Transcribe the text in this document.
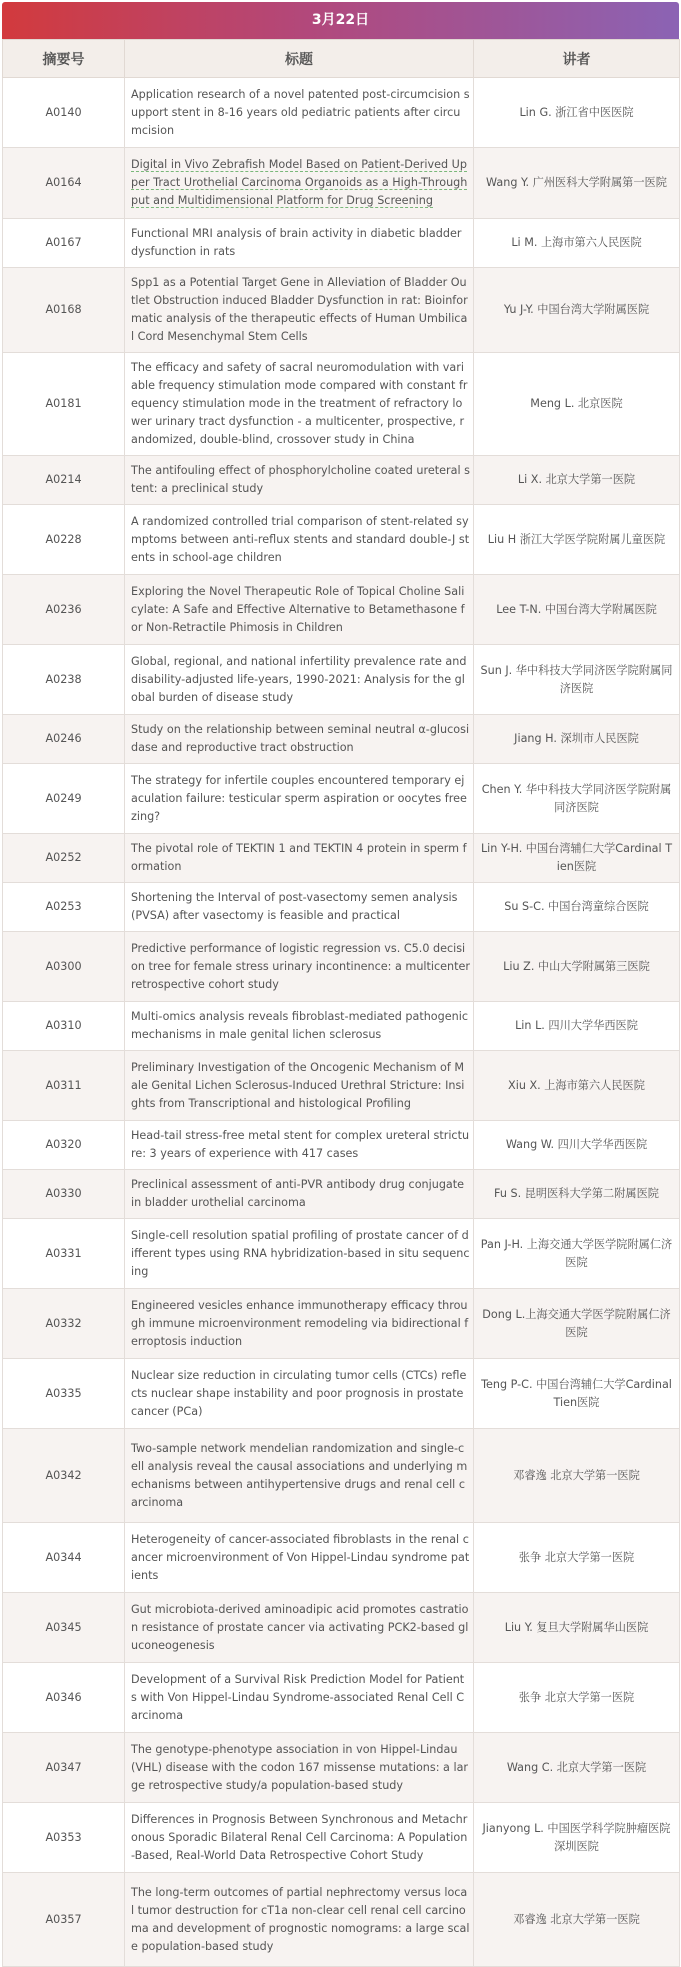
3月22日
摘要号	标题	讲者
A0140	Application research of a novel patented post-circumcision support stent in 8-16 years old pediatric patients after circumcision	Lin G. 浙江省中医医院
A0164	Digital in Vivo Zebrafish Model Based on Patient-Derived Upper Tract Urothelial Carcinoma Organoids as a High-Throughput and Multidimensional Platform for Drug Screening	Wang Y. 广州医科大学附属第一医院
A0167	Functional MRI analysis of brain activity in diabetic bladder dysfunction in rats	Li M. 上海市第六人民医院
A0168	Spp1 as a Potential Target Gene in Alleviation of Bladder Outlet Obstruction induced Bladder Dysfunction in rat: Bioinformatic analysis of the therapeutic effects of Human Umbilical Cord Mesenchymal Stem Cells	Yu J-Y. 中国台湾大学附属医院
A0181	The efficacy and safety of sacral neuromodulation with variable frequency stimulation mode compared with constant frequency stimulation mode in the treatment of refractory lower urinary tract dysfunction - a multicenter, prospective, randomized, double-blind, crossover study in China	Meng L. 北京医院
A0214	The antifouling effect of phosphorylcholine coated ureteral stent: a preclinical study	Li X. 北京大学第一医院
A0228	A randomized controlled trial comparison of stent-related symptoms between anti-reflux stents and standard double-J stents in school-age children	Liu H 浙江大学医学院附属儿童医院
A0236	Exploring the Novel Therapeutic Role of Topical Choline Salicylate: A Safe and Effective Alternative to Betamethasone for Non-Retractile Phimosis in Children	Lee T-N. 中国台湾大学附属医院
A0238	Global, regional, and national infertility prevalence rate and disability-adjusted life-years, 1990-2021: Analysis for the global burden of disease study	Sun J. 华中科技大学同济医学院附属同济医院
A0246	Study on the relationship between seminal neutral α-glucosidase and reproductive tract obstruction	Jiang H. 深圳市人民医院
A0249	The strategy for infertile couples encountered temporary ejaculation failure: testicular sperm aspiration or oocytes freezing?	Chen Y. 华中科技大学同济医学院附属同济医院
A0252	The pivotal role of TEKTIN 1 and TEKTIN 4 protein in sperm formation	Lin Y-H. 中国台湾辅仁大学Cardinal Tien医院
A0253	Shortening the Interval of post-vasectomy semen analysis (PVSA) after vasectomy is feasible and practical	Su S-C. 中国台湾童综合医院
A0300	Predictive performance of logistic regression vs. C5.0 decision tree for female stress urinary incontinence: a multicenter retrospective cohort study	Liu Z. 中山大学附属第三医院
A0310	Multi-omics analysis reveals fibroblast-mediated pathogenic mechanisms in male genital lichen sclerosus	Lin L. 四川大学华西医院
A0311	Preliminary Investigation of the Oncogenic Mechanism of Male Genital Lichen Sclerosus-Induced Urethral Stricture: Insights from Transcriptional and histological Profiling	Xiu X. 上海市第六人民医院
A0320	Head-tail stress-free metal stent for complex ureteral stricture: 3 years of experience with 417 cases	Wang W. 四川大学华西医院
A0330	Preclinical assessment of anti-PVR antibody drug conjugate in bladder urothelial carcinoma	Fu S. 昆明医科大学第二附属医院
A0331	Single-cell resolution spatial profiling of prostate cancer of different types using RNA hybridization-based in situ sequencing	Pan J-H. 上海交通大学医学院附属仁济医院
A0332	Engineered vesicles enhance immunotherapy efficacy through immune microenvironment remodeling via bidirectional ferroptosis induction	Dong L.上海交通大学医学院附属仁济医院
A0335	Nuclear size reduction in circulating tumor cells (CTCs) reflects nuclear shape instability and poor prognosis in prostate cancer (PCa)	Teng P-C. 中国台湾辅仁大学Cardinal Tien医院
A0342	Two-sample network mendelian randomization and single-cell analysis reveal the causal associations and underlying mechanisms between antihypertensive drugs and renal cell carcinoma	邓睿逸 北京大学第一医院
A0344	Heterogeneity of cancer-associated fibroblasts in the renal cancer microenvironment of Von Hippel-Lindau syndrome patients	张争 北京大学第一医院
A0345	Gut microbiota-derived aminoadipic acid promotes castration resistance of prostate cancer via activating PCK2-based gluconeogenesis	Liu Y. 复旦大学附属华山医院
A0346	Development of a Survival Risk Prediction Model for Patients with Von Hippel-Lindau Syndrome-associated Renal Cell Carcinoma	张争 北京大学第一医院
A0347	The genotype-phenotype association in von Hippel-Lindau (VHL) disease with the codon 167 missense mutations: a large retrospective study/a population-based study	Wang C. 北京大学第一医院
A0353	Differences in Prognosis Between Synchronous and Metachronous Sporadic Bilateral Renal Cell Carcinoma: A Population-Based, Real-World Data Retrospective Cohort Study	Jianyong L. 中国医学科学院肿瘤医院深圳医院
A0357	The long-term outcomes of partial nephrectomy versus local tumor destruction for cT1a non-clear cell renal cell carcinoma and development of prognostic nomograms: a large scale population-based study	邓睿逸 北京大学第一医院
